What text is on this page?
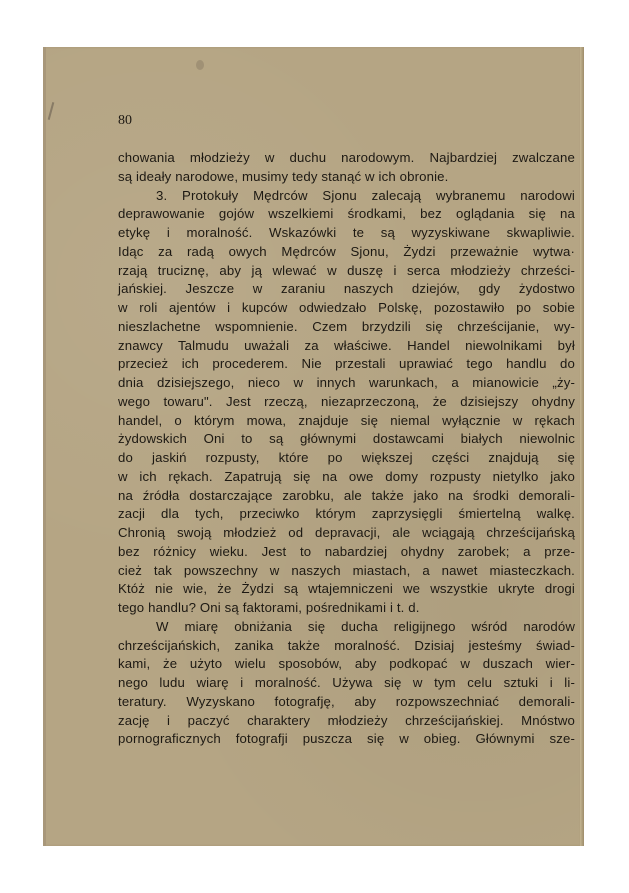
80
chowania młodzieży w duchu narodowym. Najbardziej zwalczane
są ideały narodowe, musimy tedy stanąć w ich obronie.
3. Protokuły Mędrców Sjonu zalecają wybranemu narodowi
deprawowanie gojów wszelkiemi środkami, bez oglądania się na
etykę i moralność. Wskazówki te są wyzyskiwane skwapliwie.
Idąc za radą owych Mędrców Sjonu, Żydzi przeważnie wytwa·
rzają truciznę, aby ją wlewać w duszę i serca młodzieży chrześci-
jańskiej. Jeszcze w zaraniu naszych dziejów, gdy żydostwo
w roli ajentów i kupców odwiedzało Polskę, pozostawiło po sobie
nieszlachetne wspomnienie. Czem brzydzili się chrześcijanie, wy-
znawcy Talmudu uważali za właściwe. Handel niewolnikami był
przecież ich procederem. Nie przestali uprawiać tego handlu do
dnia dzisiejszego, nieco w innych warunkach, a mianowicie „ży-
wego towaru". Jest rzeczą, niezaprzeczoną, że dzisiejszy ohydny
handel, o którym mowa, znajduje się niemal wyłącznie w rękach
żydowskich Oni to są głównymi dostawcami białych niewolnic
do jaskiń rozpusty, które po większej części znajdują się
w ich rękach. Zapatrują się na owe domy rozpusty nietylko jako
na źródła dostarczające zarobku, ale także jako na środki demorali-
zacji dla tych, przeciwko którym zaprzysięgli śmiertelną walkę.
Chronią swoją młodzież od depravacji, ale wciągają chrześcijańską
bez różnicy wieku. Jest to nabardziej ohydny zarobek; a prze-
cież tak powszechny w naszych miastach, a nawet miasteczkach.
Któż nie wie, że Żydzi są wtajemniczeni we wszystkie ukryte drogi
tego handlu? Oni są faktorami, pośrednikami i t. d.
W miarę obniżania się ducha religijnego wśród narodów
chrześcijańskich, zanika także moralność. Dzisiaj jesteśmy świad-
kami, że użyto wielu sposobów, aby podkopać w duszach wier-
nego ludu wiarę i moralność. Używa się w tym celu sztuki i li-
teratury. Wyzyskano fotografję, aby rozpowszechniać demorali-
zację i paczyć charaktery młodzieży chrześcijańskiej. Mnóstwo
pornograficznych fotografji puszcza się w obieg. Głównymi sze-
